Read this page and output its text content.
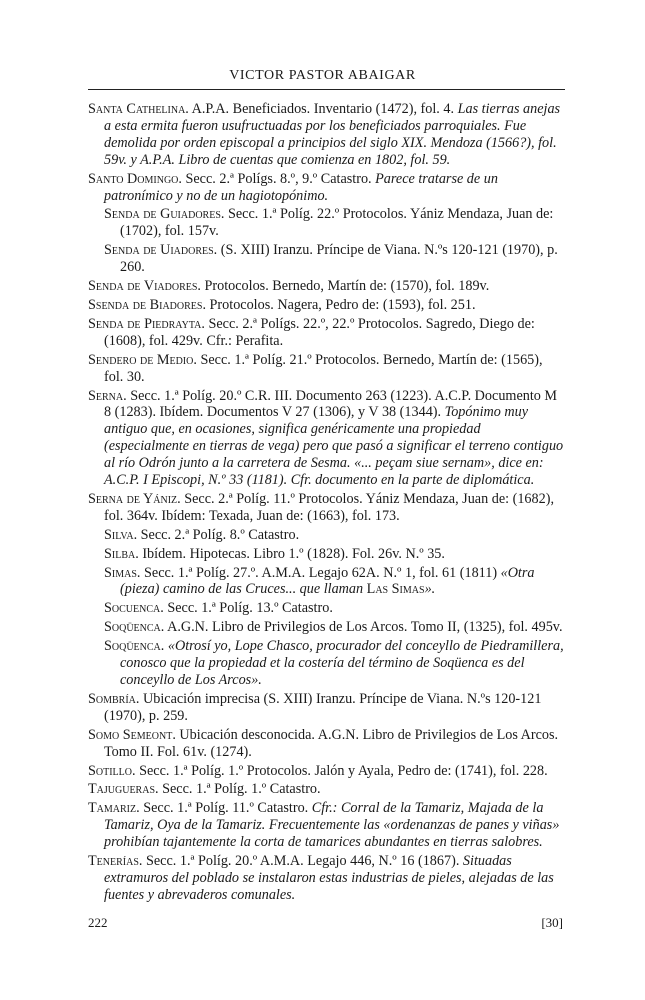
VICTOR PASTOR ABAIGAR

Santa Cathelina. A.P.A. Beneficiados. Inventario (1472), fol. 4. Las tierras anejas a esta ermita fueron usufructuadas por los beneficiados parroquiales. Fue demolida por orden episcopal a principios del siglo XIX. Mendoza (1566?), fol. 59v. y A.P.A. Libro de cuentas que comienza en 1802, fol. 59.

Santo Domingo. Secc. 2.ª Polígs. 8.º, 9.º Catastro. Parece tratarse de un patronímico y no de un hagiotopónimo.

Senda de Guiadores. Secc. 1.ª Políg. 22.º Protocolos. Yániz Mendaza, Juan de: (1702), fol. 157v.

Senda de Uiadores. (S. XIII) Iranzu. Príncipe de Viana. N.ºs 120-121 (1970), p. 260.

Senda de Viadores. Protocolos. Bernedo, Martín de: (1570), fol. 189v.

Ssenda de Biadores. Protocolos. Nagera, Pedro de: (1593), fol. 251.

Senda de Piedrayta. Secc. 2.ª Polígs. 22.º, 22.º Protocolos. Sagredo, Diego de: (1608), fol. 429v. Cfr.: Perafita.

Sendero de Medio. Secc. 1.ª Políg. 21.º Protocolos. Bernedo, Martín de: (1565), fol. 30.

Serna. Secc. 1.ª Políg. 20.º C.R. III. Documento 263 (1223). A.C.P. Documento M 8 (1283). Ibídem. Documentos V 27 (1306), y V 38 (1344). Topónimo muy antiguo que, en ocasiones, significa genéricamente una propiedad (especialmente en tierras de vega) pero que pasó a significar el terreno contiguo al río Odrón junto a la carretera de Sesma. «... peçam siue sernam», dice en: A.C.P. I Episcopi, N.º 33 (1181). Cfr. documento en la parte de diplomática.

Serna de Yániz. Secc. 2.ª Políg. 11.º Protocolos. Yániz Mendaza, Juan de: (1682), fol. 364v. Ibídem: Texada, Juan de: (1663), fol. 173.

Silva. Secc. 2.ª Políg. 8.º Catastro.

Silba. Ibídem. Hipotecas. Libro 1.º (1828). Fol. 26v. N.º 35.

Simas. Secc. 1.ª Políg. 27.º. A.M.A. Legajo 62A. N.º 1, fol. 61 (1811) «Otra (pieza) camino de las Cruces... que llaman Las Simas».

Socuenca. Secc. 1.ª Políg. 13.º Catastro.

Soqüenca. A.G.N. Libro de Privilegios de Los Arcos. Tomo II, (1325), fol. 495v.

Soqüenca. «Otrosí yo, Lope Chasco, procurador del conceyllo de Piedramillera, conosco que la propiedad et la costería del término de Soqüenca es del conceyllo de Los Arcos».

Sombría. Ubicación imprecisa (S. XIII) Iranzu. Príncipe de Viana. N.ºs 120-121 (1970), p. 259.

Somo Semeont. Ubicación desconocida. A.G.N. Libro de Privilegios de Los Arcos. Tomo II. Fol. 61v. (1274).

Sotillo. Secc. 1.ª Políg. 1.º Protocolos. Jalón y Ayala, Pedro de: (1741), fol. 228.

Tajugueras. Secc. 1.ª Políg. 1.º Catastro.

Tamariz. Secc. 1.ª Políg. 11.º Catastro. Cfr.: Corral de la Tamariz, Majada de la Tamariz, Oya de la Tamariz. Frecuentemente las «ordenanzas de panes y viñas» prohibían tajantemente la corta de tamarices abundantes en tierras salobres.

Tenerías. Secc. 1.ª Políg. 20.º A.M.A. Legajo 446, N.º 16 (1867). Situadas extramuros del poblado se instalaron estas industrias de pieles, alejadas de las fuentes y abrevaderos comunales.

222	[30]
